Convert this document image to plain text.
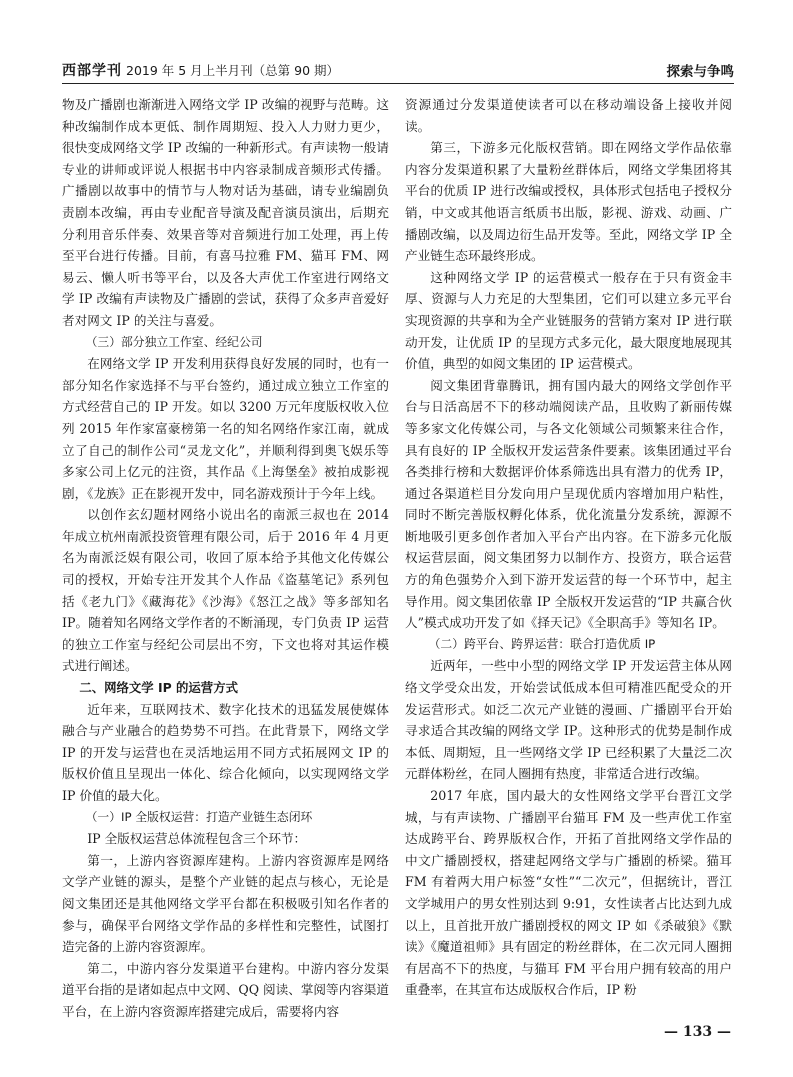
西部学刊 2019 年 5 月上半月刊（总第 90 期）	探索与争鸣

物及广播剧也渐渐进入网络文学 IP 改编的视野与范畴。这种改编制作成本更低、制作周期短、投入人力财力更少，很快变成网络文学 IP 改编的一种新形式。有声读物一般请专业的讲师或评说人根据书中内容录制成音频形式传播。广播剧以故事中的情节与人物对话为基础，请专业编剧负责剧本改编，再由专业配音导演及配音演员演出，后期充分利用音乐伴奏、效果音等对音频进行加工处理，再上传至平台进行传播。目前，有喜马拉雅 FM、猫耳 FM、网易云、懒人听书等平台，以及各大声优工作室进行网络文学 IP 改编有声读物及广播剧的尝试，获得了众多声音爱好者对网文 IP 的关注与喜爱。

（三）部分独立工作室、经纪公司

在网络文学 IP 开发利用获得良好发展的同时，也有一部分知名作家选择不与平台签约，通过成立独立工作室的方式经营自己的 IP 开发。如以 3200 万元年度版权收入位列 2015 年作家富豪榜第一名的知名网络作家江南，就成立了自己的制作公司“灵龙文化”，并顺利得到奥飞娱乐等多家公司上亿元的注资，其作品《上海堡垒》被拍成影视剧，《龙族》正在影视开发中，同名游戏预计于今年上线。

以创作玄幻题材网络小说出名的南派三叔也在 2014 年成立杭州南派投资管理有限公司，后于 2016 年 4 月更名为南派泛娱有限公司，收回了原本给予其他文化传媒公司的授权，开始专注开发其个人作品《盗墓笔记》系列包括《老九门》《藏海花》《沙海》《怒江之战》等多部知名 IP。随着知名网络文学作者的不断涌现，专门负责 IP 运营的独立工作室与经纪公司层出不穷，下文也将对其运作模式进行阐述。

二、网络文学 IP 的运营方式

近年来，互联网技术、数字化技术的迅猛发展使媒体融合与产业融合的趋势势不可挡。在此背景下，网络文学 IP 的开发与运营也在灵活地运用不同方式拓展网文 IP 的版权价值且呈现出一体化、综合化倾向，以实现网络文学 IP 价值的最大化。

（一）IP 全版权运营：打造产业链生态闭环

IP 全版权运营总体流程包含三个环节：

第一，上游内容资源库建构。上游内容资源库是网络文学产业链的源头，是整个产业链的起点与核心，无论是阅文集团还是其他网络文学平台都在积极吸引知名作者的参与，确保平台网络文学作品的多样性和完整性，试图打造完备的上游内容资源库。

第二，中游内容分发渠道平台建构。中游内容分发渠道平台指的是诸如起点中文网、QQ 阅读、掌阅等内容渠道平台，在上游内容资源库搭建完成后，需要将内容

资源通过分发渠道使读者可以在移动端设备上接收并阅读。

第三，下游多元化版权营销。即在网络文学作品依靠内容分发渠道积累了大量粉丝群体后，网络文学集团将其平台的优质 IP 进行改编或授权，具体形式包括电子授权分销，中文或其他语言纸质书出版，影视、游戏、动画、广播剧改编，以及周边衍生品开发等。至此，网络文学 IP 全产业链生态环最终形成。

这种网络文学 IP 的运营模式一般存在于只有资金丰厚、资源与人力充足的大型集团，它们可以建立多元平台实现资源的共享和为全产业链服务的营销方案对 IP 进行联动开发，让优质 IP 的呈现方式多元化，最大限度地展现其价值，典型的如阅文集团的 IP 运营模式。

阅文集团背靠腾讯，拥有国内最大的网络文学创作平台与日活高居不下的移动端阅读产品，且收购了新丽传媒等多家文化传媒公司，与各文化领域公司频繁来往合作，具有良好的 IP 全版权开发运营条件要素。该集团通过平台各类排行榜和大数据评价体系筛选出具有潜力的优秀 IP，通过各渠道栏目分发向用户呈现优质内容增加用户粘性，同时不断完善版权孵化体系，优化流量分发系统，源源不断地吸引更多创作者加入平台产出内容。在下游多元化版权运营层面，阅文集团努力以制作方、投资方，联合运营方的角色强势介入到下游开发运营的每一个环节中，起主导作用。阅文集团依靠 IP 全版权开发运营的“IP 共赢合伙人”模式成功开发了如《择天记》《全职高手》等知名 IP。

（二）跨平台、跨界运营：联合打造优质 IP

近两年，一些中小型的网络文学 IP 开发运营主体从网络文学受众出发，开始尝试低成本但可精准匹配受众的开发运营形式。如泛二次元产业链的漫画、广播剧平台开始寻求适合其改编的网络文学 IP。这种形式的优势是制作成本低、周期短，且一些网络文学 IP 已经积累了大量泛二次元群体粉丝，在同人圈拥有热度，非常适合进行改编。

2017 年底，国内最大的女性网络文学平台晋江文学城，与有声读物、广播剧平台猫耳 FM 及一些声优工作室达成跨平台、跨界版权合作，开拓了首批网络文学作品的中文广播剧授权，搭建起网络文学与广播剧的桥梁。猫耳 FM 有着两大用户标签“女性”“二次元”，但据统计，晋江文学城用户的男女性别达到 9:91，女性读者占比达到九成以上，且首批开放广播剧授权的网文 IP 如《杀破狼》《默读》《魔道祖师》具有固定的粉丝群体，在二次元同人圈拥有居高不下的热度，与猫耳 FM 平台用户拥有较高的用户重叠率，在其宣布达成版权合作后，IP 粉

— 133 —
